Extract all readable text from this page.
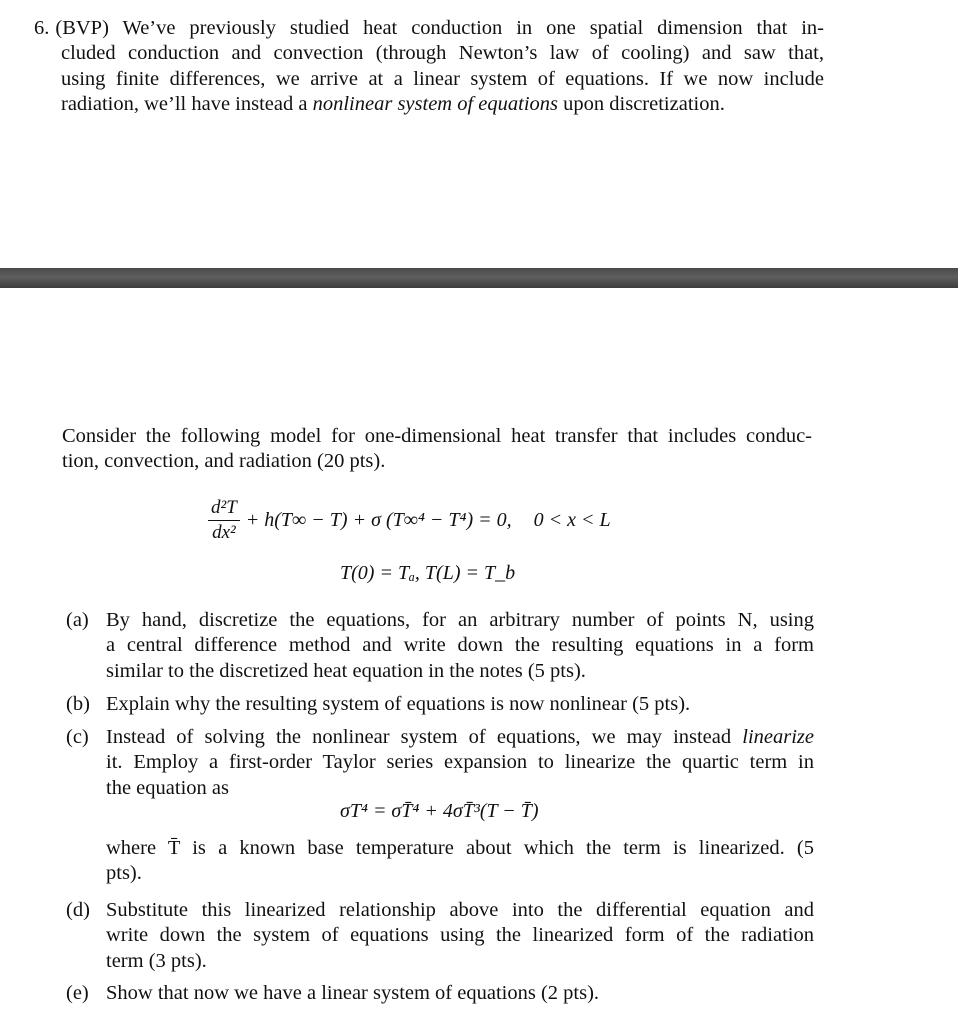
6. (BVP) We’ve previously studied heat conduction in one spatial dimension that in-
cluded conduction and convection (through Newton’s law of cooling) and saw that,
using finite differences, we arrive at a linear system of equations. If we now include
radiation, we’ll have instead a nonlinear system of equations upon discretization.
Consider the following model for one-dimensional heat transfer that includes conduc-
tion, convection, and radiation (20 pts).
$\frac{\text{d²T}}{\text{dx²}} + h(T\infty - T) + \sigma$ (T∞⁴ − T⁴) = 0, 0 < x < L
T(0) = Tₐ, T(L) = T_b
(a) By hand, discretize the equations, for an arbitrary number of points N, using
a central difference method and write down the resulting equations in a form
similar to the discretized heat equation in the notes (5 pts).
(b) Explain why the resulting system of equations is now nonlinear (5 pts).
(c) Instead of solving the nonlinear system of equations, we may instead linearize
it. Employ a first-order Taylor series expansion to linearize the quartic term in
the equation as
where T̄ is a known base temperature about which the term is linearized. (5
pts).
(d) Substitute this linearized relationship above into the differential equation and
write down the system of equations using the linearized form of the radiation
term (3 pts).
(e) Show that now we have a linear system of equations (2 pts).
σT⁴ = σT̄⁴ + 4σT̄³(T − T̄)
